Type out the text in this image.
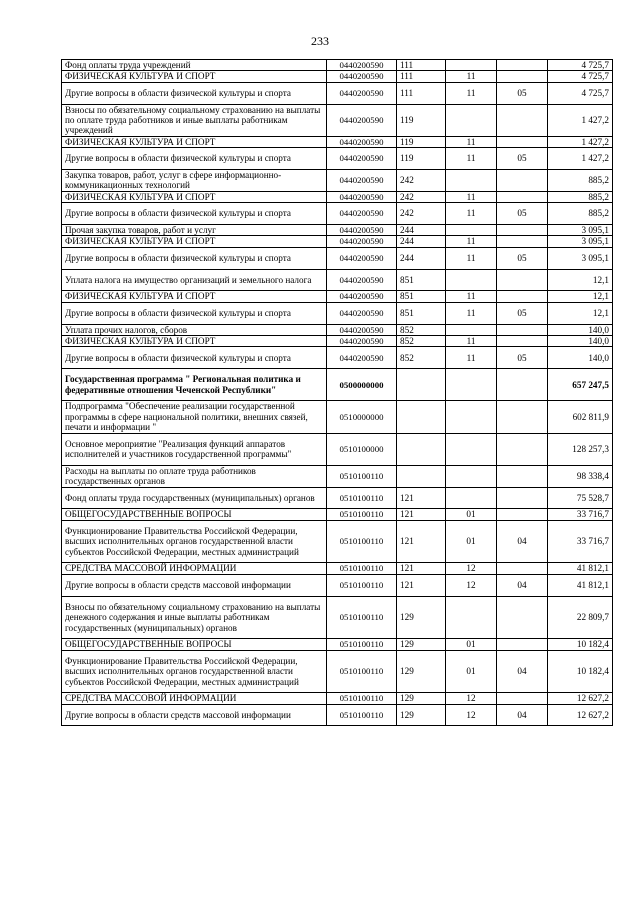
233
Фонд оплаты труда учреждений	0440200590	111			4 725,7
ФИЗИЧЕСКАЯ КУЛЬТУРА И СПОРТ	0440200590	111	11		4 725,7
Другие вопросы в области физической культуры и спорта	0440200590	111	11	05	4 725,7
Взносы по обязательному социальному страхованию на выплаты по оплате труда работников и иные выплаты работникам учреждений	0440200590	119			1 427,2
ФИЗИЧЕСКАЯ КУЛЬТУРА И СПОРТ	0440200590	119	11		1 427,2
Другие вопросы в области физической культуры и спорта	0440200590	119	11	05	1 427,2
Закупка товаров, работ, услуг в сфере информационно-коммуникационных технологий	0440200590	242			885,2
ФИЗИЧЕСКАЯ КУЛЬТУРА И СПОРТ	0440200590	242	11		885,2
Другие вопросы в области физической культуры и спорта	0440200590	242	11	05	885,2
Прочая закупка товаров, работ и услуг	0440200590	244			3 095,1
ФИЗИЧЕСКАЯ КУЛЬТУРА И СПОРТ	0440200590	244	11		3 095,1
Другие вопросы в области физической культуры и спорта	0440200590	244	11	05	3 095,1
Уплата налога на имущество организаций и земельного налога	0440200590	851			12,1
ФИЗИЧЕСКАЯ КУЛЬТУРА И СПОРТ	0440200590	851	11		12,1
Другие вопросы в области физической культуры и спорта	0440200590	851	11	05	12,1
Уплата прочих налогов, сборов	0440200590	852			140,0
ФИЗИЧЕСКАЯ КУЛЬТУРА И СПОРТ	0440200590	852	11		140,0
Другие вопросы в области физической культуры и спорта	0440200590	852	11	05	140,0
Государственная программа " Региональная политика и федеративные отношения Чеченской Республики"	0500000000				657 247,5
Подпрограмма "Обеспечение реализации государственной программы в сфере национальной политики, внешних связей, печати и информации "	0510000000				602 811,9
Основное мероприятие "Реализация функций аппаратов исполнителей и участников государственной программы"	0510100000				128 257,3
Расходы на выплаты по оплате труда работников государственных органов	0510100110				98 338,4
Фонд оплаты труда государственных (муниципальных) органов	0510100110	121			75 528,7
ОБЩЕГОСУДАРСТВЕННЫЕ ВОПРОСЫ	0510100110	121	01		33 716,7
Функционирование Правительства Российской Федерации, высших исполнительных органов государственной власти субъектов Российской Федерации, местных администраций	0510100110	121	01	04	33 716,7
СРЕДСТВА МАССОВОЙ ИНФОРМАЦИИ	0510100110	121	12		41 812,1
Другие вопросы в области средств массовой информации	0510100110	121	12	04	41 812,1
Взносы по обязательному социальному страхованию на выплаты денежного содержания и иные выплаты работникам государственных (муниципальных) органов	0510100110	129			22 809,7
ОБЩЕГОСУДАРСТВЕННЫЕ ВОПРОСЫ	0510100110	129	01		10 182,4
Функционирование Правительства Российской Федерации, высших исполнительных органов государственной власти субъектов Российской Федерации, местных администраций	0510100110	129	01	04	10 182,4
СРЕДСТВА МАССОВОЙ ИНФОРМАЦИИ	0510100110	129	12		12 627,2
Другие вопросы в области средств массовой информации	0510100110	129	12	04	12 627,2
